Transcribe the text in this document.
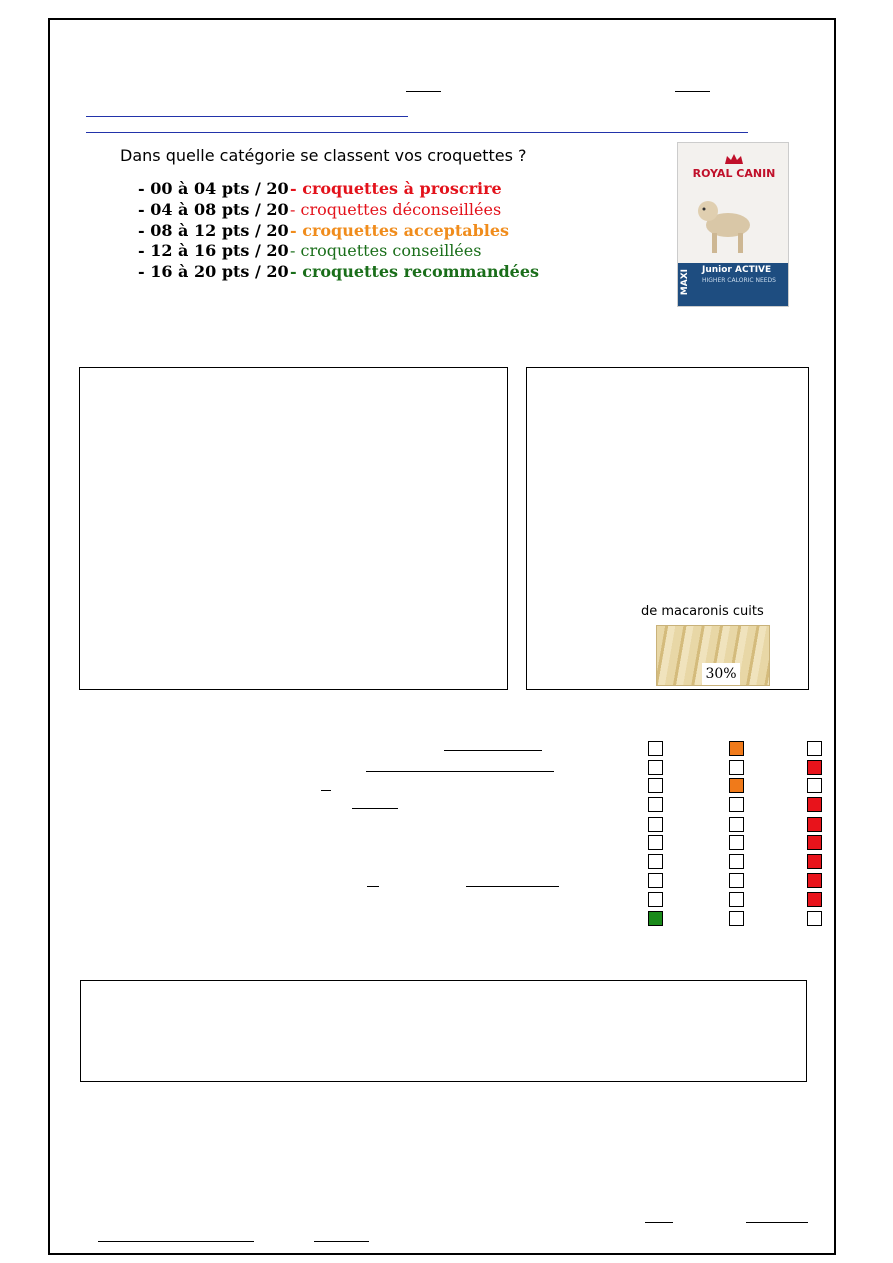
Dans quelle catégorie se classent vos croquettes ?
- 00 à 04 pts / 20- croquettes à proscrire
- 04 à 08 pts / 20- croquettes déconseillées
- 08 à 12 pts / 20- croquettes acceptables
- 12 à 16 pts / 20- croquettes conseillées
- 16 à 20 pts / 20- croquettes recommandées
ROYAL CANIN
MAXI	Junior ACTIVE
HIGHER CALORIC NEEDS
de macaronis cuits
30%
